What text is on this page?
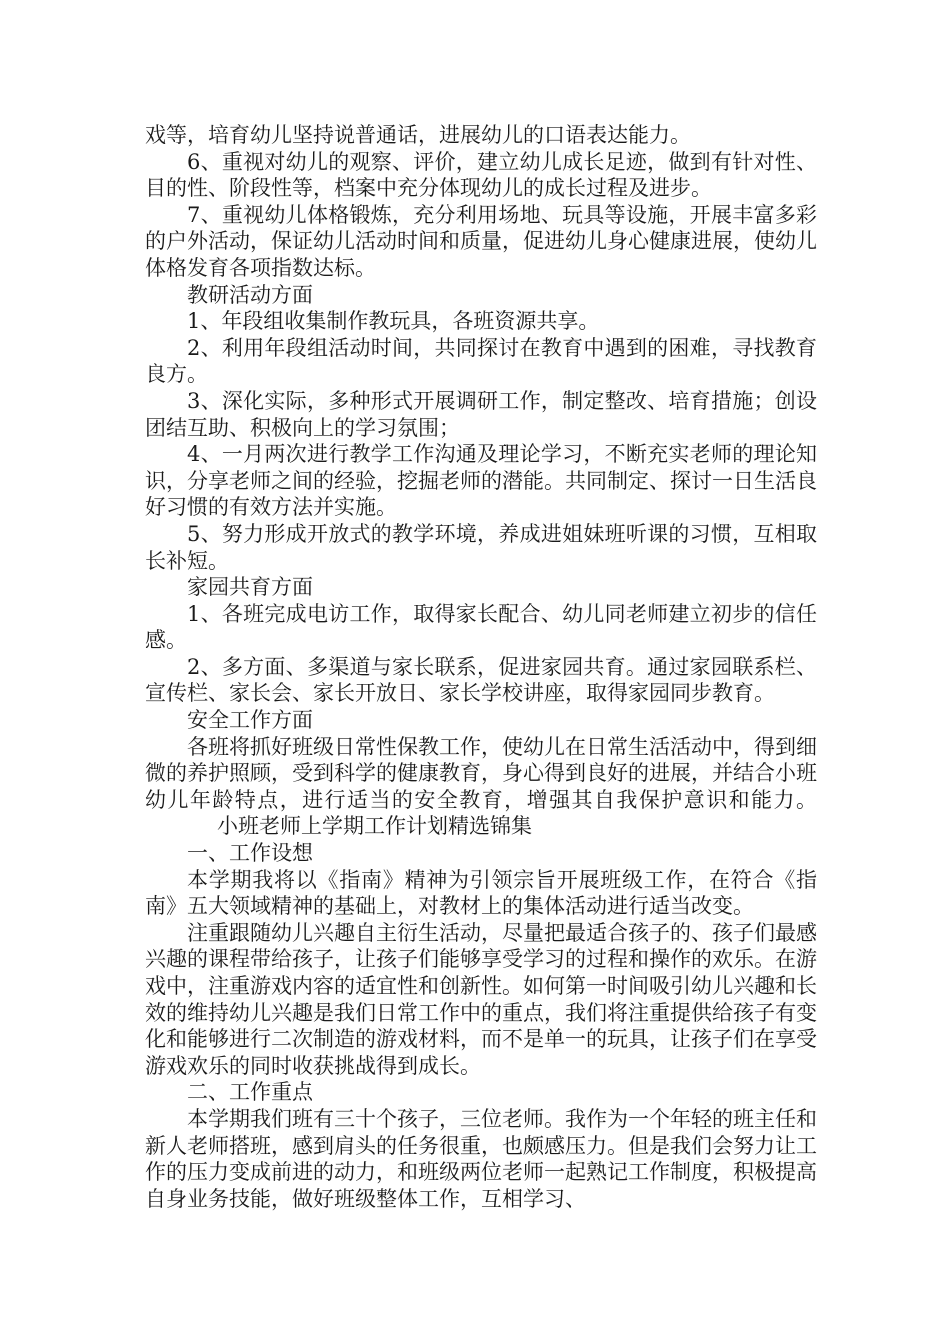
戏等，培育幼儿坚持说普通话，进展幼儿的口语表达能力。

6、重视对幼儿的观察、评价，建立幼儿成长足迹，做到有针对性、目的性、阶段性等，档案中充分体现幼儿的成长过程及进步。

7、重视幼儿体格锻炼，充分利用场地、玩具等设施，开展丰富多彩的户外活动，保证幼儿活动时间和质量，促进幼儿身心健康进展，使幼儿体格发育各项指数达标。

教研活动方面

1、年段组收集制作教玩具，各班资源共享。

2、利用年段组活动时间，共同探讨在教育中遇到的困难，寻找教育良方。

3、深化实际，多种形式开展调研工作，制定整改、培育措施；创设团结互助、积极向上的学习氛围；

4、一月两次进行教学工作沟通及理论学习，不断充实老师的理论知识，分享老师之间的经验，挖掘老师的潜能。共同制定、探讨一日生活良好习惯的有效方法并实施。

5、努力形成开放式的教学环境，养成进姐妹班听课的习惯，互相取长补短。

家园共育方面

1、各班完成电访工作，取得家长配合、幼儿同老师建立初步的信任感。

2、多方面、多渠道与家长联系，促进家园共育。通过家园联系栏、宣传栏、家长会、家长开放日、家长学校讲座，取得家园同步教育。

安全工作方面

各班将抓好班级日常性保教工作，使幼儿在日常生活活动中，得到细微的养护照顾，受到科学的健康教育，身心得到良好的进展，并结合小班幼儿年龄特点，进行适当的安全教育，增强其自我保护意识和能力。小班老师上学期工作计划精选锦集

一、工作设想

本学期我将以《指南》精神为引领宗旨开展班级工作，在符合《指南》五大领域精神的基础上，对教材上的集体活动进行适当改变。

注重跟随幼儿兴趣自主衍生活动，尽量把最适合孩子的、孩子们最感兴趣的课程带给孩子，让孩子们能够享受学习的过程和操作的欢乐。在游戏中，注重游戏内容的适宜性和创新性。如何第一时间吸引幼儿兴趣和长效的维持幼儿兴趣是我们日常工作中的重点，我们将注重提供给孩子有变化和能够进行二次制造的游戏材料，而不是单一的玩具，让孩子们在享受游戏欢乐的同时收获挑战得到成长。

二、工作重点

本学期我们班有三十个孩子，三位老师。我作为一个年轻的班主任和新人老师搭班，感到肩头的任务很重，也颇感压力。但是我们会努力让工作的压力变成前进的动力，和班级两位老师一起熟记工作制度，积极提高自身业务技能，做好班级整体工作，互相学习、
